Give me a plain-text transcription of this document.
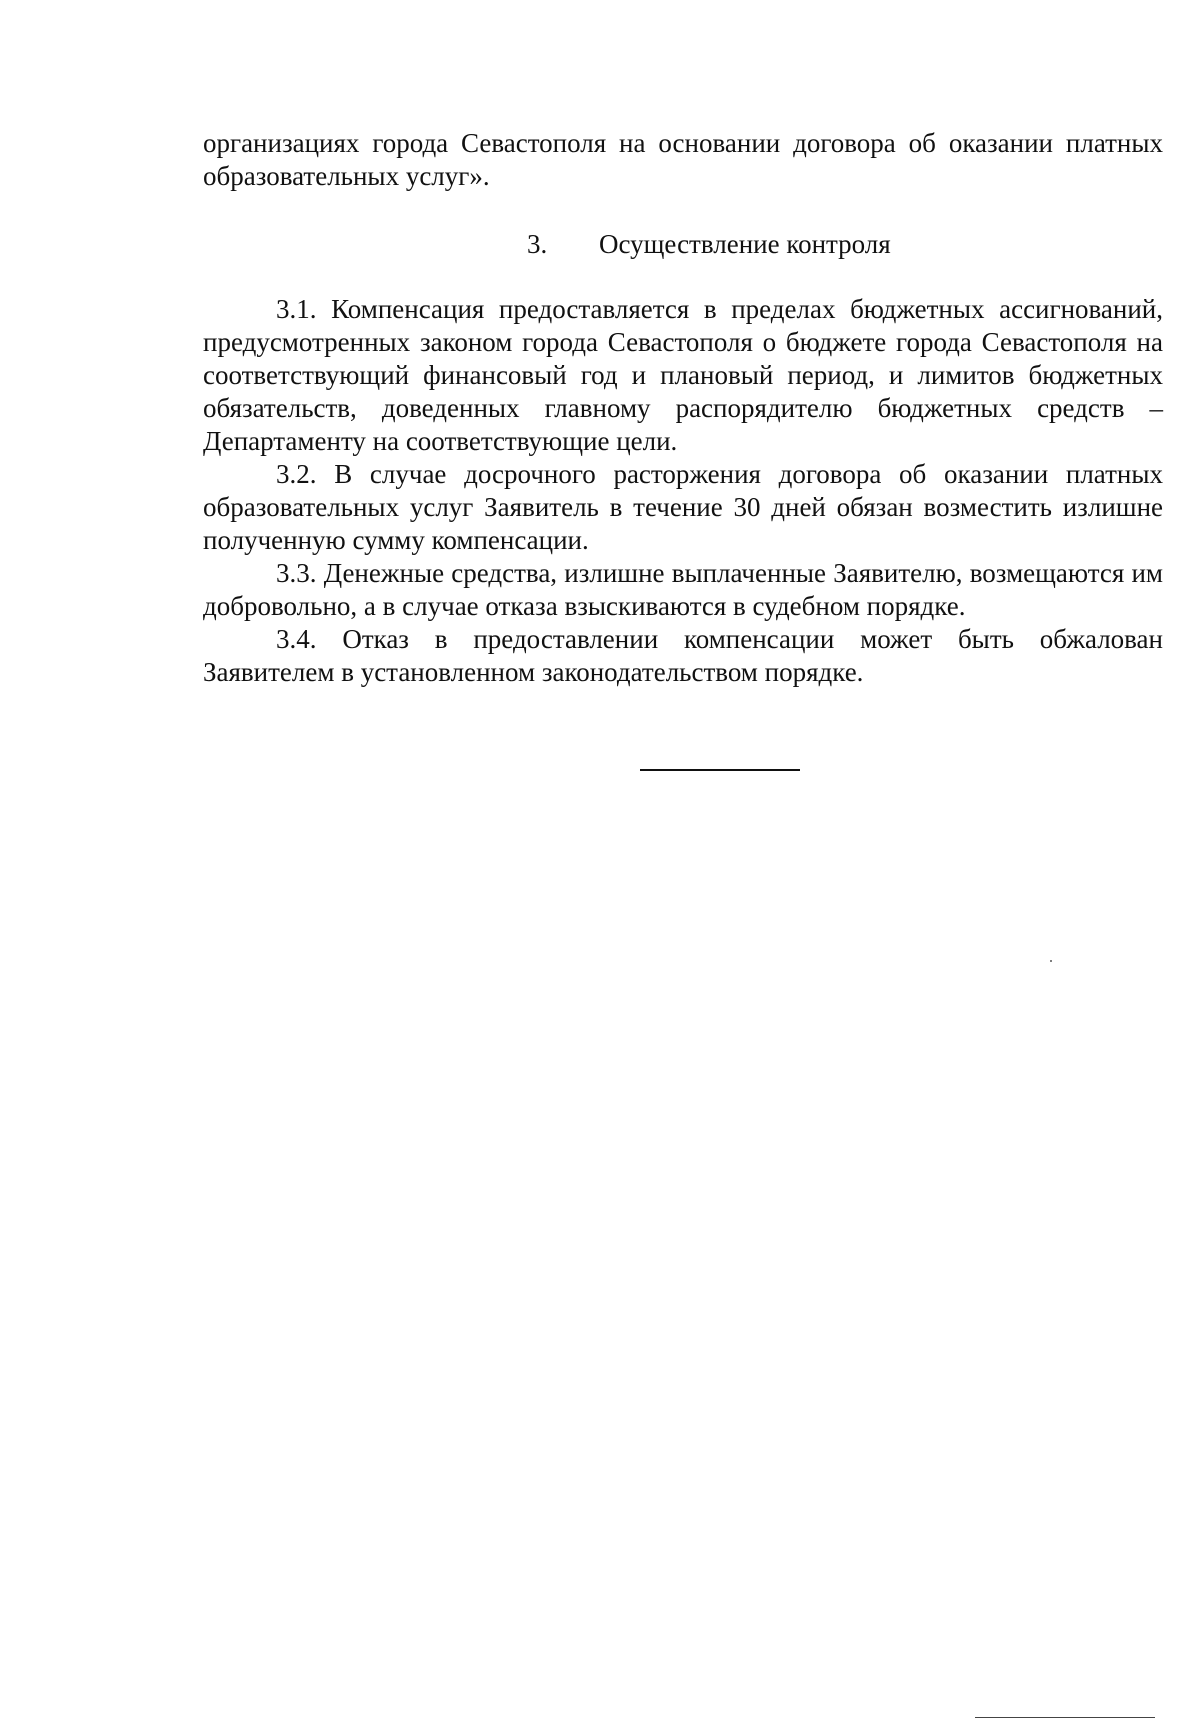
организациях города Севастополя на основании договора об оказании платных образовательных услуг».

3. Осуществление контроля

3.1. Компенсация предоставляется в пределах бюджетных ассигнований, предусмотренных законом города Севастополя о бюджете города Севастополя на соответствующий финансовый год и плановый период, и лимитов бюджетных обязательств, доведенных главному распорядителю бюджетных средств – Департаменту на соответствующие цели.

3.2. В случае досрочного расторжения договора об оказании платных образовательных услуг Заявитель в течение 30 дней обязан возместить излишне полученную сумму компенсации.

3.3. Денежные средства, излишне выплаченные Заявителю, возмещаются им добровольно, а в случае отказа взыскиваются в судебном порядке.

3.4. Отказ в предоставлении компенсации может быть обжалован Заявителем в установленном законодательством порядке.
